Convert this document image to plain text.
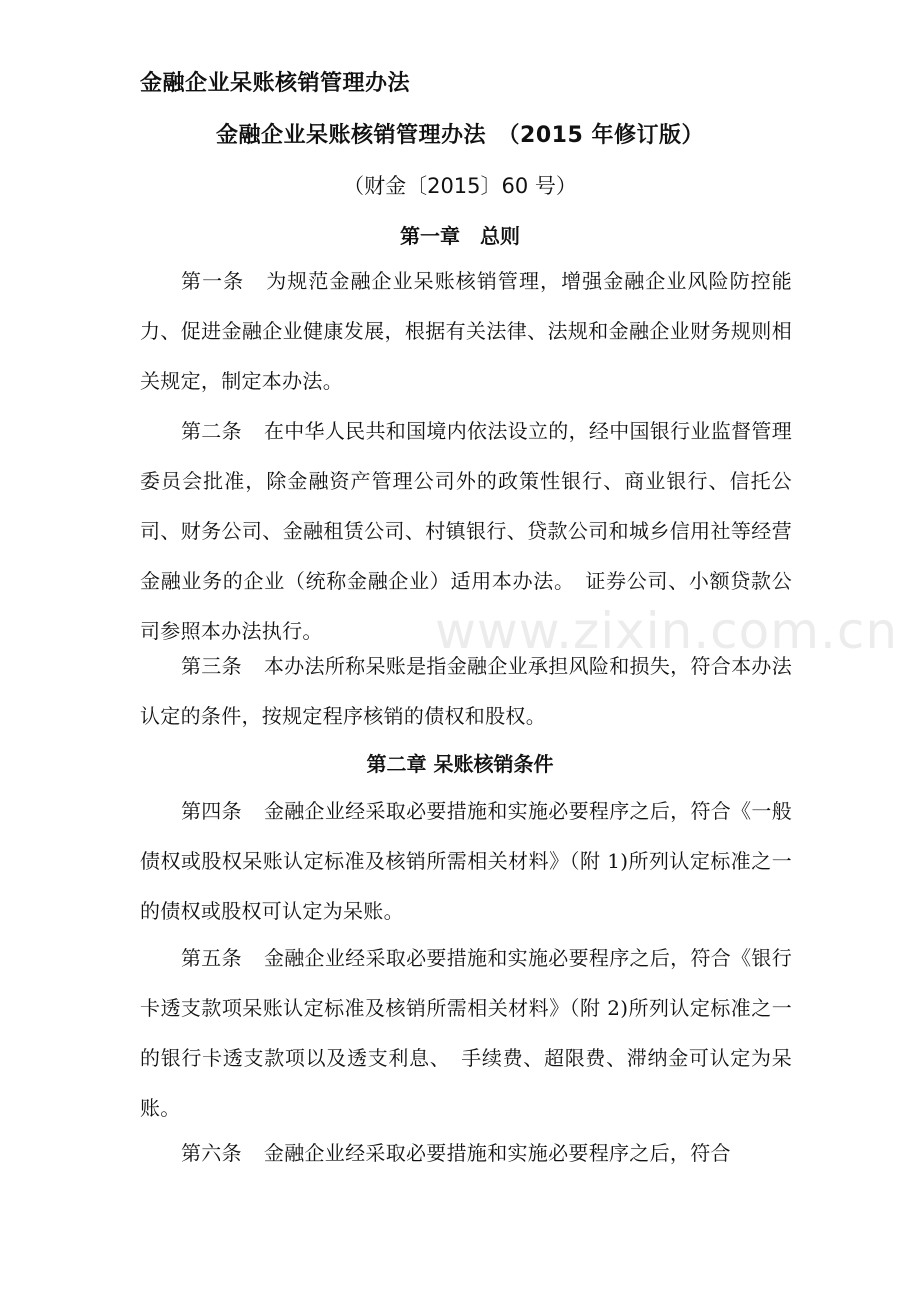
金融企业呆账核销管理办法

金融企业呆账核销管理办法　（2015 年修订版）

（财金〔2015〕60 号）

第一章　总则

第一条 为规范金融企业呆账核销管理，增强金融企业风险防控能力、促进金融企业健康发展，根据有关法律、法规和金融企业财务规则相关规定，制定本办法。

第二条 在中华人民共和国境内依法设立的，经中国银行业监督管理委员会批准，除金融资产管理公司外的政策性银行、商业银行、信托公司、财务公司、金融租赁公司、村镇银行、贷款公司和城乡信用社等经营金融业务的企业（统称金融企业）适用本办法。　证券公司、小额贷款公司参照本办法执行。

第三条 本办法所称呆账是指金融企业承担风险和损失，符合本办法认定的条件，按规定程序核销的债权和股权。

第二章 呆账核销条件

第四条 金融企业经采取必要措施和实施必要程序之后，符合《一般债权或股权呆账认定标准及核销所需相关材料》（附 1)所列认定标准之一的债权或股权可认定为呆账。

第五条 金融企业经采取必要措施和实施必要程序之后，符合《银行卡透支款项呆账认定标准及核销所需相关材料》（附 2)所列认定标准之一的银行卡透支款项以及透支利息、　手续费、超限费、滞纳金可认定为呆账。

第六条 金融企业经采取必要措施和实施必要程序之后，符合

www.zixin.com.cn
